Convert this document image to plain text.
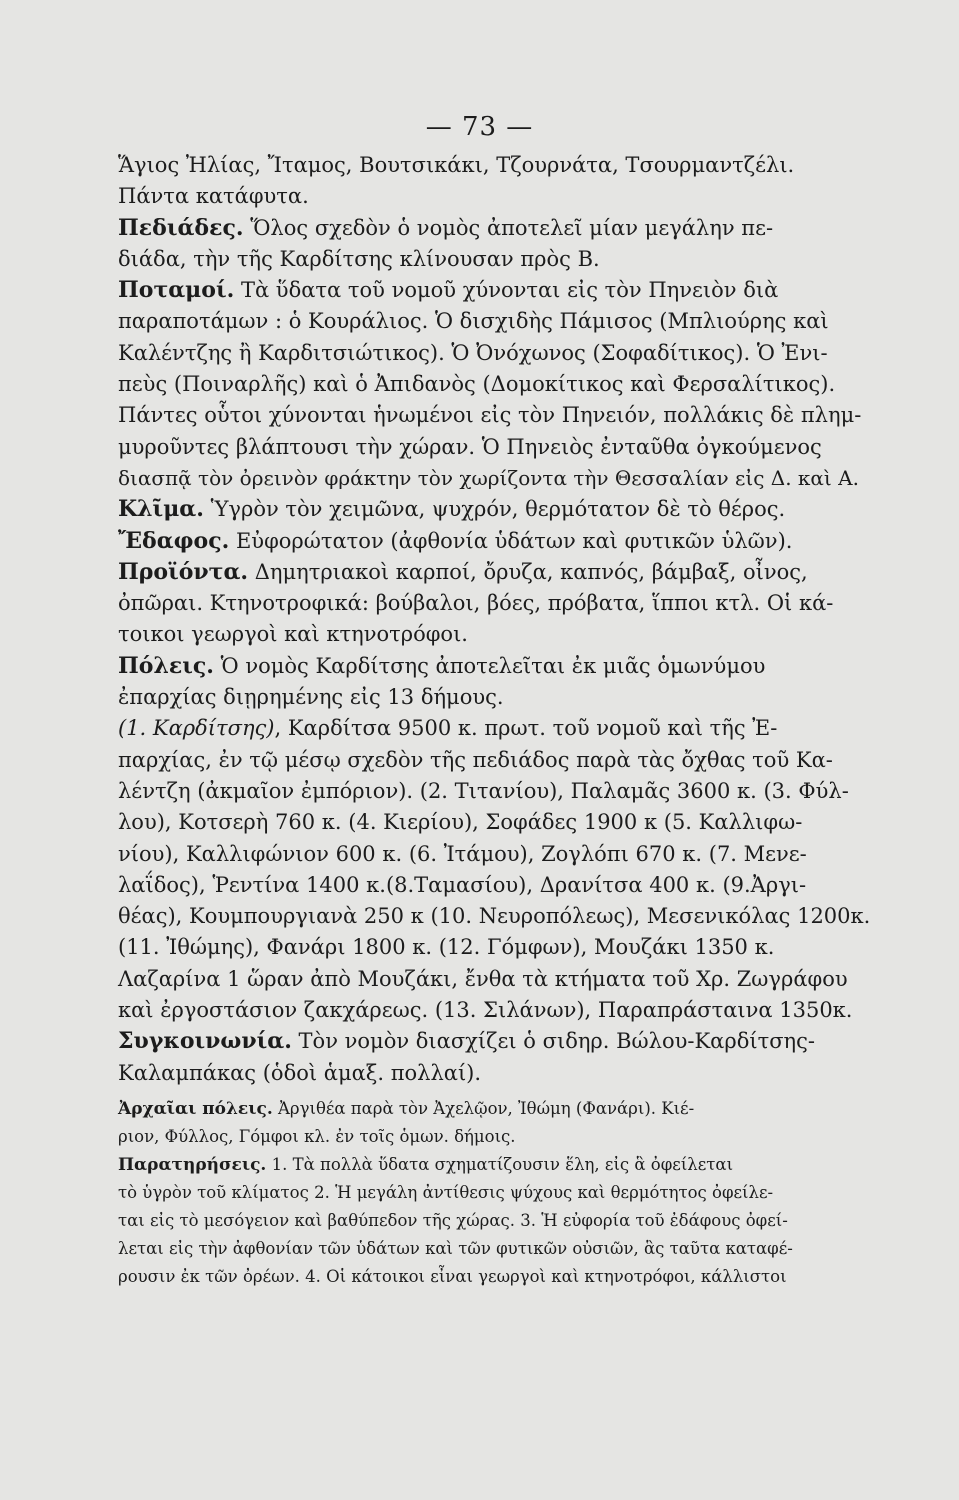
— 73 —
Ἅγιος Ἠλίας, Ἴταμος, Βουτσικάκι, Τζουρνάτα, Τσουρμαντζέλι.
Πάντα κατάφυτα.
Πεδιάδες. Ὅλος σχεδὸν ὁ νομὸς ἀποτελεῖ μίαν μεγάλην πε-
διάδα, τὴν τῆς Καρδίτσης κλίνουσαν πρὸς Β.
Ποταμοί. Τὰ ὕδατα τοῦ νομοῦ χύνονται εἰς τὸν Πηνειὸν διὰ
παραποτάμων : ὁ Κουράλιος. Ὁ δισχιδὴς Πάμισος (Μπλιούρης καὶ
Καλέντζης ἢ Καρδιτσιώτικος). Ὁ Ὀνόχωνος (Σοφαδίτικος). Ὁ Ἐνι-
πεὺς (Ποιναρλῆς) καὶ ὁ Ἀπιδανὸς (Δομοκίτικος καὶ Φερσαλίτικος).
Πάντες οὗτοι χύνονται ἡνωμένοι εἰς τὸν Πηνειόν, πολλάκις δὲ πλημ-
μυροῦντες βλάπτουσι τὴν χώραν. Ὁ Πηνειὸς ἐνταῦθα ὀγκούμενος
διασπᾷ τὸν ὀρεινὸν φράκτην τὸν χωρίζοντα τὴν Θεσσαλίαν εἰς Δ. καὶ Α.
Κλῖμα. Ὑγρὸν τὸν χειμῶνα, ψυχρόν, θερμότατον δὲ τὸ θέρος.
Ἔδαφος. Εὐφορώτατον (ἀφθονία ὑδάτων καὶ φυτικῶν ὑλῶν).
Προϊόντα. Δημητριακοὶ καρποί, ὄρυζα, καπνός, βάμβαξ, οἶνος,
ὀπῶραι. Κτηνοτροφικά: βούβαλοι, βόες, πρόβατα, ἵπποι κτλ. Οἱ κά-
τοικοι γεωργοὶ καὶ κτηνοτρόφοι.
Πόλεις. Ὁ νομὸς Καρδίτσης ἀποτελεῖται ἐκ μιᾶς ὁμωνύμου
ἐπαρχίας διῃρημένης εἰς 13 δήμους.
(1. Καρδίτσης), Καρδίτσα 9500 κ. πρωτ. τοῦ νομοῦ καὶ τῆς Ἐ-
παρχίας, ἐν τῷ μέσῳ σχεδὸν τῆς πεδιάδος παρὰ τὰς ὄχθας τοῦ Κα-
λέντζη (ἀκμαῖον ἐμπόριον). (2. Τιτανίου), Παλαμᾶς 3600 κ. (3. Φύλ-
λου), Κοτσερὴ 760 κ. (4. Κιερίου), Σοφάδες 1900 κ (5. Καλλιφω-
νίου), Καλλιφώνιον 600 κ. (6. Ἰτάμου), Ζογλόπι 670 κ. (7. Μενε-
λαΐδος), Ῥεντίνα 1400 κ.(8.Ταμασίου), Δρανίτσα 400 κ. (9.Ἀργι-
θέας), Κουμπουργιανὰ 250 κ (10. Νευροπόλεως), Μεσενικόλας 1200κ.
(11. Ἰθώμης), Φανάρι 1800 κ. (12. Γόμφων), Μουζάκι 1350 κ.
Λαζαρίνα 1 ὥραν ἀπὸ Μουζάκι, ἔνθα τὰ κτήματα τοῦ Χρ. Ζωγράφου
καὶ ἐργοστάσιον ζακχάρεως. (13. Σιλάνων), Παραπράσταινα 1350κ.
Συγκοινωνία. Τὸν νομὸν διασχίζει ὁ σιδηρ. Βώλου-Καρδίτσης-
Καλαμπάκας (ὁδοὶ ἁμαξ. πολλαί).
Ἀρχαῖαι πόλεις. Ἀργιθέα παρὰ τὸν Ἀχελῷον, Ἰθώμη (Φανάρι). Κιέ-
ριον, Φύλλος, Γόμφοι κλ. ἐν τοῖς ὁμων. δήμοις.
Παρατηρήσεις. 1. Τὰ πολλὰ ὕδατα σχηματίζουσιν ἕλη, εἰς ἃ ὀφείλεται
τὸ ὑγρὸν τοῦ κλίματος 2. Ἡ μεγάλη ἀντίθεσις ψύχους καὶ θερμότητος ὀφείλε-
ται εἰς τὸ μεσόγειον καὶ βαθύπεδον τῆς χώρας. 3. Ἡ εὐφορία τοῦ ἐδάφους ὀφεί-
λεται εἰς τὴν ἀφθονίαν τῶν ὑδάτων καὶ τῶν φυτικῶν οὐσιῶν, ἃς ταῦτα καταφέ-
ρουσιν ἐκ τῶν ὀρέων. 4. Οἱ κάτοικοι εἶναι γεωργοὶ καὶ κτηνοτρόφοι, κάλλιστοι
